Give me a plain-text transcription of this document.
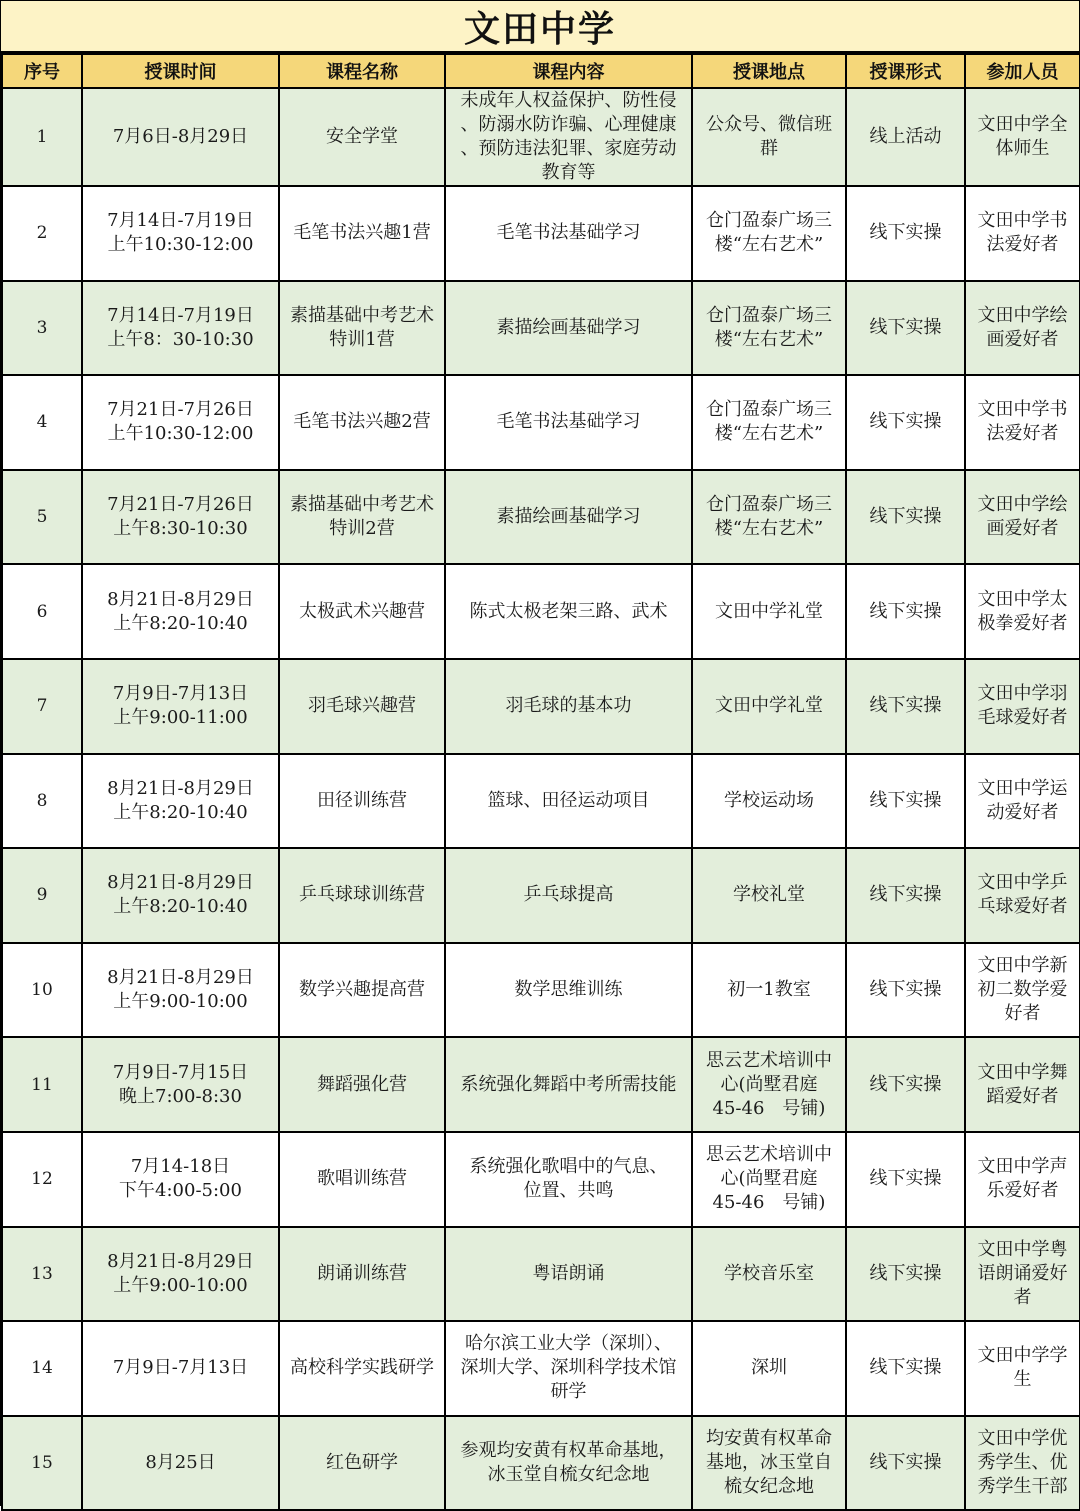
文田中学
序号	授课时间	课程名称	课程内容	授课地点	授课形式	参加人员
1	7月6日-8月29日	安全学堂	未成年人权益保护、防性侵
、防溺水防诈骗、心理健康
、预防违法犯罪、家庭劳动
教育等	公众号、微信班
群	线上活动	文田中学全
体师生
2	7月14日-7月19日
上午10:30-12:00	毛笔书法兴趣1营	毛笔书法基础学习	仓门盈泰广场三
楼“左右艺术”	线下实操	文田中学书
法爱好者
3	7月14日-7月19日
上午8：30-10:30	素描基础中考艺术
特训1营	素描绘画基础学习	仓门盈泰广场三
楼“左右艺术”	线下实操	文田中学绘
画爱好者
4	7月21日-7月26日
上午10:30-12:00	毛笔书法兴趣2营	毛笔书法基础学习	仓门盈泰广场三
楼“左右艺术”	线下实操	文田中学书
法爱好者
5	7月21日-7月26日
上午8:30-10:30	素描基础中考艺术
特训2营	素描绘画基础学习	仓门盈泰广场三
楼“左右艺术”	线下实操	文田中学绘
画爱好者
6	8月21日-8月29日
上午8:20-10:40	太极武术兴趣营	陈式太极老架三路、武术	文田中学礼堂	线下实操	文田中学太
极拳爱好者
7	7月9日-7月13日
上午9:00-11:00	羽毛球兴趣营	羽毛球的基本功	文田中学礼堂	线下实操	文田中学羽
毛球爱好者
8	8月21日-8月29日
上午8:20-10:40	田径训练营	篮球、田径运动项目	学校运动场	线下实操	文田中学运
动爱好者
9	8月21日-8月29日
上午8:20-10:40	乒乓球球训练营	乒乓球提高	学校礼堂	线下实操	文田中学乒
乓球爱好者
10	8月21日-8月29日
上午9:00-10:00	数学兴趣提高营	数学思维训练	初一1教室	线下实操	文田中学新
初二数学爱
好者
11	7月9日-7月15日
晚上7:00-8:30	舞蹈强化营	系统强化舞蹈中考所需技能	思云艺术培训中
心(尚墅君庭
45-46　号铺)	线下实操	文田中学舞
蹈爱好者
12	7月14-18日
下午4:00-5:00	歌唱训练营	系统强化歌唱中的气息、
位置、共鸣	思云艺术培训中
心(尚墅君庭
45-46　号铺)	线下实操	文田中学声
乐爱好者
13	8月21日-8月29日
上午9:00-10:00	朗诵训练营	粤语朗诵	学校音乐室	线下实操	文田中学粤
语朗诵爱好
者
14	7月9日-7月13日	高校科学实践研学	哈尔滨工业大学（深圳）、
深圳大学、深圳科学技术馆
研学	深圳	线下实操	文田中学学
生
15	8月25日	红色研学	参观均安黄有权革命基地，
冰玉堂自梳女纪念地	均安黄有权革命
基地，冰玉堂自
梳女纪念地	线下实操	文田中学优
秀学生、优
秀学生干部
